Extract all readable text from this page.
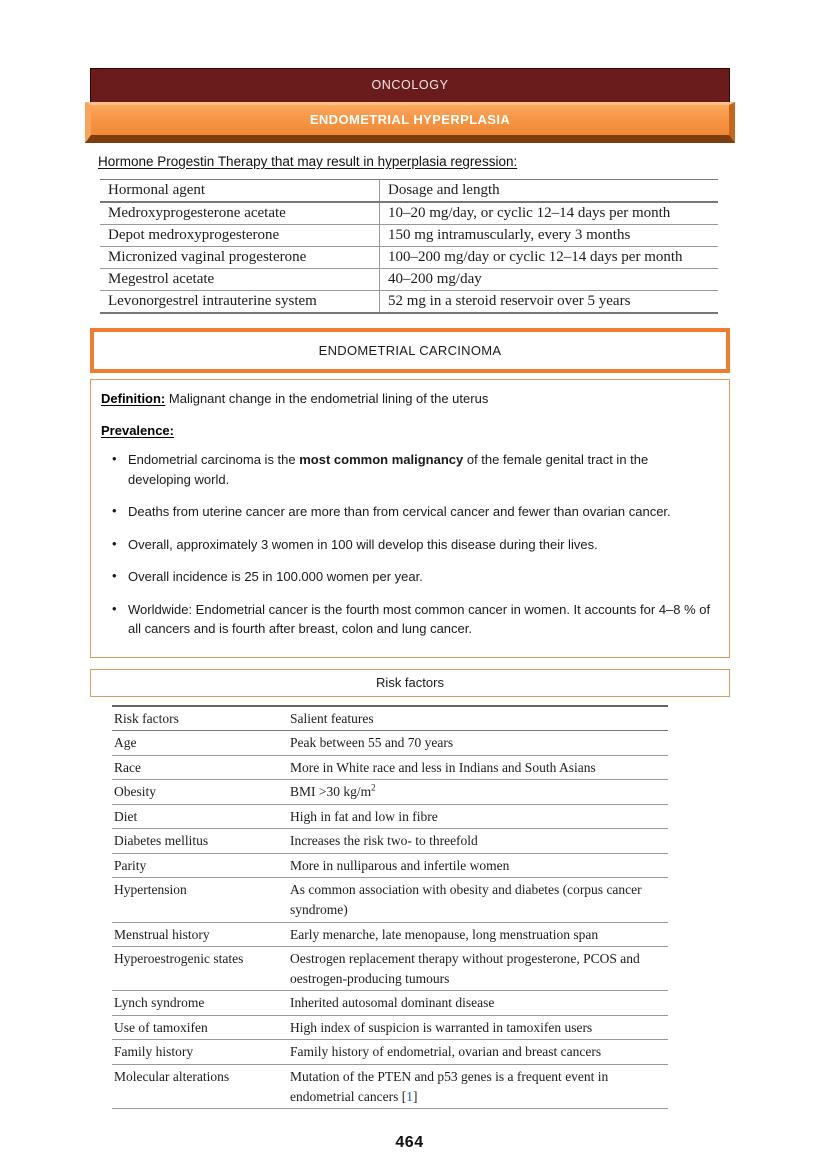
ONCOLOGY
ENDOMETRIAL HYPERPLASIA
Hormone Progestin Therapy that may result in hyperplasia regression:
Hormonal agent	Dosage and length
Medroxyprogesterone acetate	10–20 mg/day, or cyclic 12–14 days per month
Depot medroxyprogesterone	150 mg intramuscularly, every 3 months
Micronized vaginal progesterone	100–200 mg/day or cyclic 12–14 days per month
Megestrol acetate	40–200 mg/day
Levonorgestrel intrauterine system	52 mg in a steroid reservoir over 5 years
ENDOMETRIAL CARCINOMA

Definition: Malignant change in the endometrial lining of the uterus

Prevalence:

• Endometrial carcinoma is the most common malignancy of the female genital tract in the developing world.
• Deaths from uterine cancer are more than from cervical cancer and fewer than ovarian cancer.
• Overall, approximately 3 women in 100 will develop this disease during their lives.
• Overall incidence is 25 in 100.000 women per year.
• Worldwide: Endometrial cancer is the fourth most common cancer in women. It accounts for 4–8 % of all cancers and is fourth after breast, colon and lung cancer.
Risk factors
Risk factors	Salient features
Age	Peak between 55 and 70 years
Race	More in White race and less in Indians and South Asians
Obesity	BMI >30 $kg/m^2$
Diet	High in fat and low in fibre
Diabetes mellitus	Increases the risk two- to threefold
Parity	More in nulliparous and infertile women
Hypertension	As common association with obesity and diabetes (corpus cancer syndrome)
Menstrual history	Early menarche, late menopause, long menstruation span
Hyperoestrogenic states	Oestrogen replacement therapy without progesterone, PCOS and oestrogen-producing tumours
Lynch syndrome	Inherited autosomal dominant disease
Use of tamoxifen	High index of suspicion is warranted in tamoxifen users
Family history	Family history of endometrial, ovarian and breast cancers
Molecular alterations	Mutation of the PTEN and p53 genes is a frequent event in endometrial cancers [1]
464
